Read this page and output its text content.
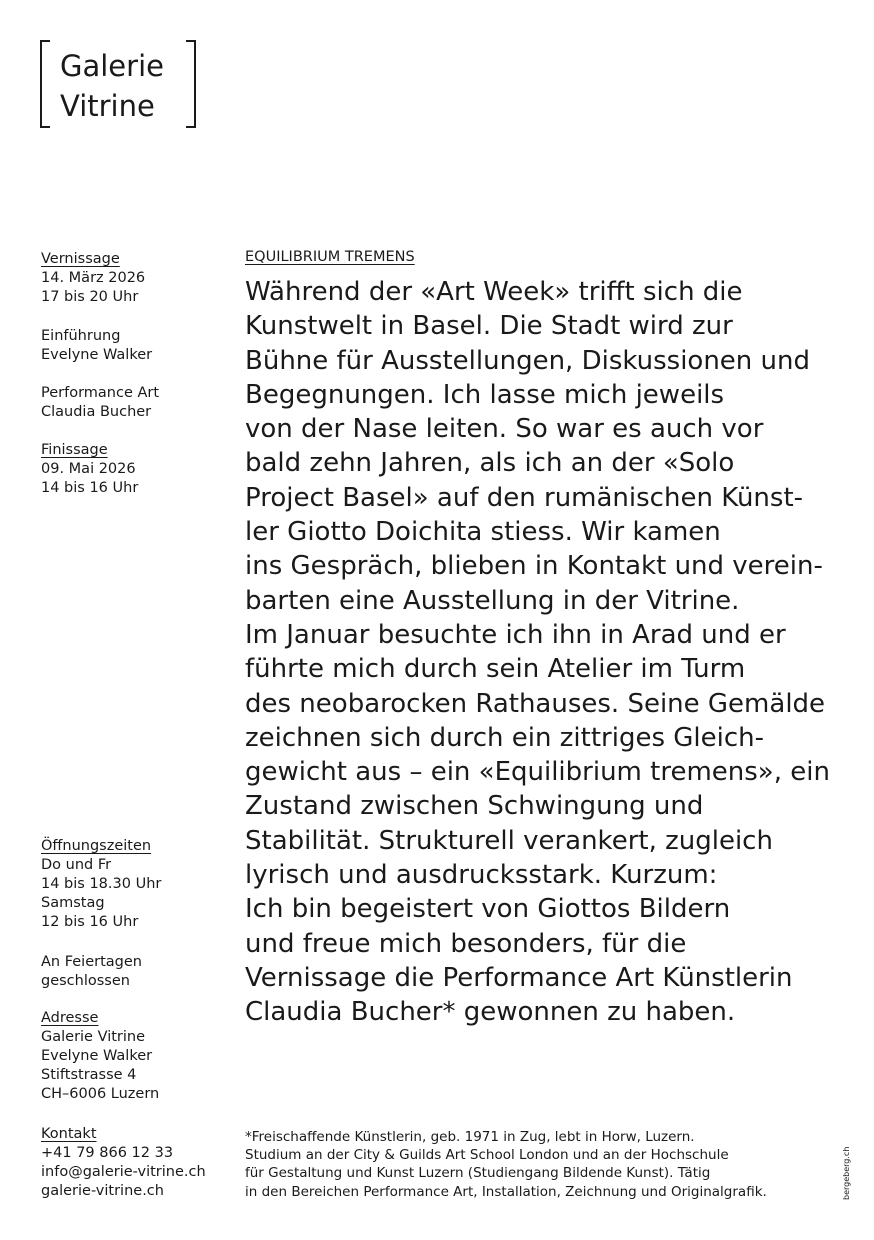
Galerie
Vitrine
Vernissage
14. März 2026
17 bis 20 Uhr
Einführung
Evelyne Walker
Performance Art
Claudia Bucher
Finissage
09. Mai 2026
14 bis 16 Uhr
Öffnungszeiten
Do und Fr
14 bis 18.30 Uhr
Samstag
12 bis 16 Uhr
An Feiertagen
geschlossen
Adresse
Galerie Vitrine
Evelyne Walker
Stiftstrasse 4
CH–6006 Luzern
Kontakt
+41 79 866 12 33
info@galerie-vitrine.ch
galerie-vitrine.ch
EQUILIBRIUM TREMENS
Während der «Art Week» trifft sich die
Kunstwelt in Basel. Die Stadt wird zur
Bühne für Ausstellungen, Diskussionen und
Begegnungen. Ich lasse mich jeweils
von der Nase leiten. So war es auch vor
bald zehn Jahren, als ich an der «Solo
Project Basel» auf den rumänischen Künst-
ler Giotto Doichita stiess. Wir kamen
ins Gespräch, blieben in Kontakt und verein-
barten eine Ausstellung in der Vitrine.
Im Januar besuchte ich ihn in Arad und er
führte mich durch sein Atelier im Turm
des neobarocken Rathauses. Seine Gemälde
zeichnen sich durch ein zittriges Gleich-
gewicht aus – ein «Equilibrium tremens», ein
Zustand zwischen Schwingung und
Stabilität. Strukturell verankert, zugleich
lyrisch und ausdrucksstark. Kurzum:
Ich bin begeistert von Giottos Bildern
und freue mich besonders, für die
Vernissage die Performance Art Künstlerin
Claudia Bucher* gewonnen zu haben.
*Freischaffende Künstlerin, geb. 1971 in Zug, lebt in Horw, Luzern.
Studium an der City & Guilds Art School London und an der Hochschule
für Gestaltung und Kunst Luzern (Studiengang Bildende Kunst). Tätig
in den Bereichen Performance Art, Installation, Zeichnung und Originalgrafik.	bergeberg.ch
